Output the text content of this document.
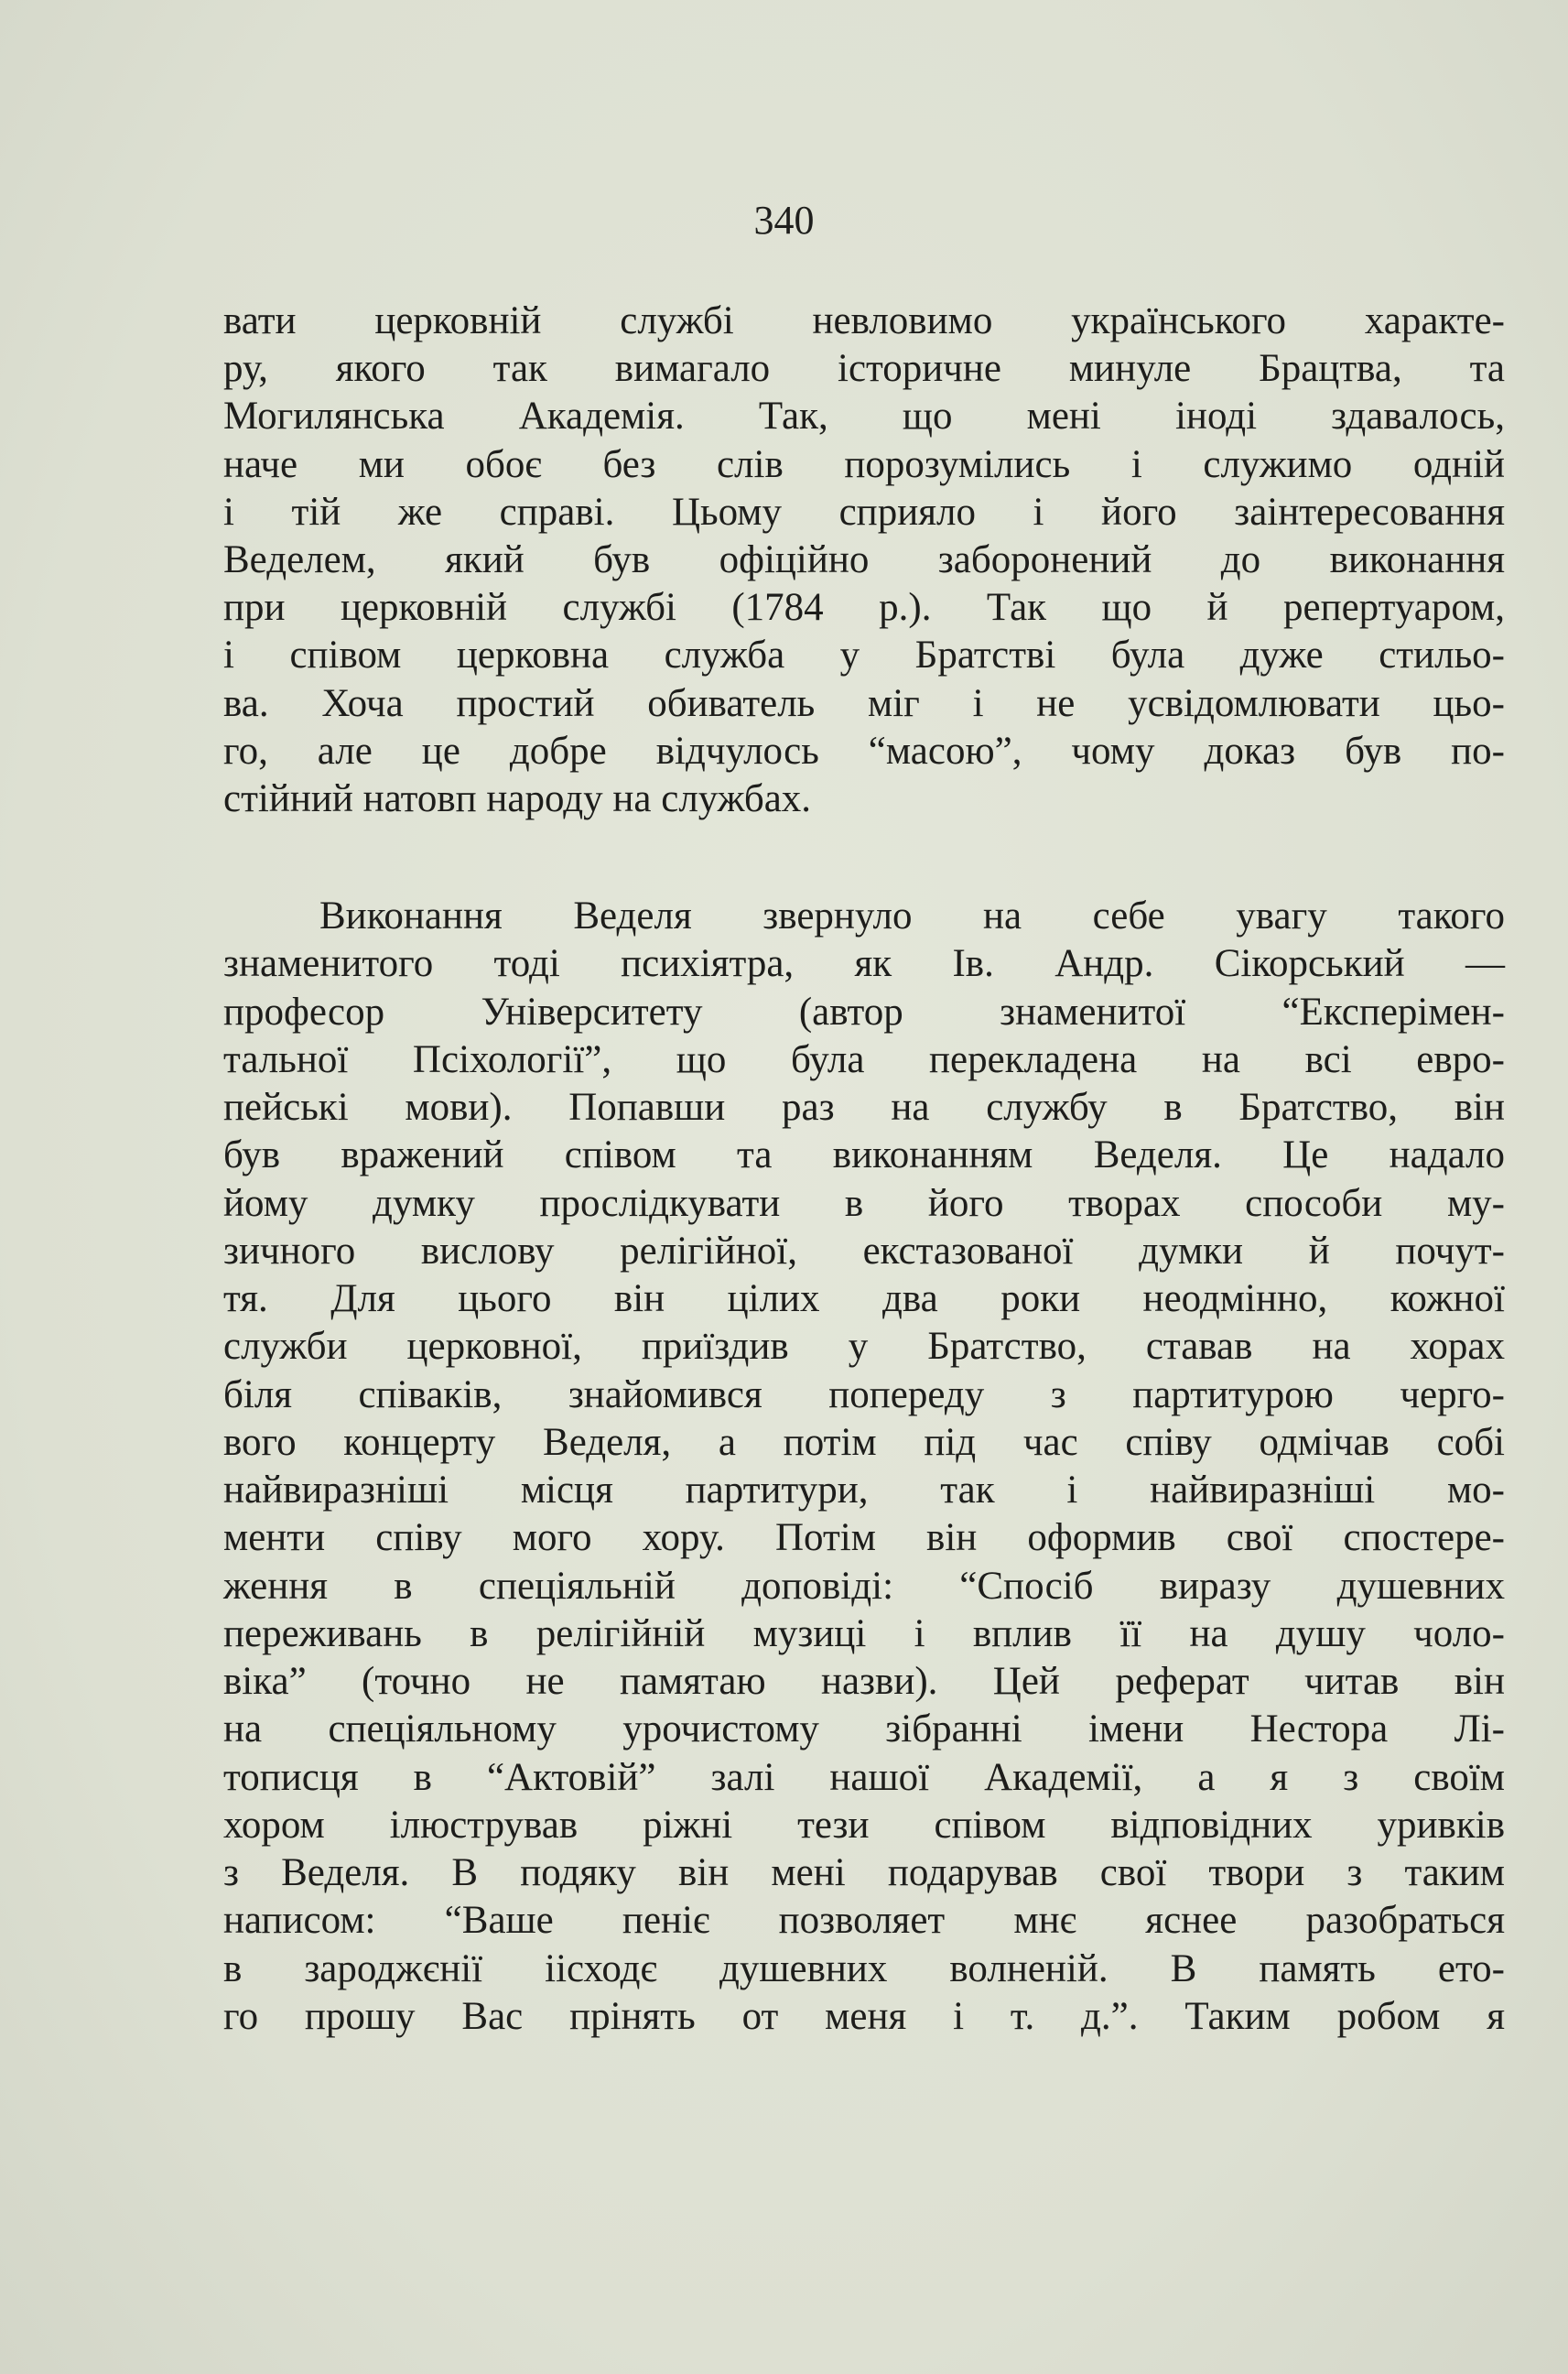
340
вати церковній службі невловимо українського характе-
ру, якого так вимагало історичне минуле Брацтва, та
Могилянська Академія. Так, що мені іноді здавалось,
наче ми обоє без слів порозумілись і служимо одній
і тій же справі. Цьому сприяло і його заінтересовання
Веделем, який був офіційно заборонений до виконання
при церковній службі (1784 р.). Так що й репертуаром,
і співом церковна служба у Братстві була дуже стильо-
ва. Хоча простий обиватель міг і не усвідомлювати цьо-
го, але це добре відчулось “масою”, чому доказ був по-
стійний натовп народу на службах.
Виконання Веделя звернуло на себе увагу такого
знаменитого тоді психіятра, як Ів. Андр. Сікорський —
професор Університету (автор знаменитої “Експерімен-
тальної Псіхології”, що була перекладена на всі евро-
пейські мови). Попавши раз на службу в Братство, він
був вражений співом та виконанням Веделя. Це надало
йому думку прослідкувати в його творах способи му-
зичного вислову релігійної, екстазованої думки й почут-
тя. Для цього він цілих два роки неодмінно, кожної
служби церковної, приїздив у Братство, ставав на хорах
біля співаків, знайомився попереду з партитурою черго-
вого концерту Веделя, а потім під час співу одмічав собі
найвиразніші місця партитури, так і найвиразніші мо-
менти співу мого хору. Потім він оформив свої спостере-
ження в спеціяльній доповіді: “Спосіб виразу душевних
переживань в релігійній музиці і вплив її на душу чоло-
віка” (точно не памятаю назви). Цей реферат читав він
на спеціяльному урочистому зібранні імени Нестора Лі-
тописця в “Актовій” залі нашої Академії, а я з своїм
хором ілюстрував ріжні тези співом відповідних уривків
з Веделя. В подяку він мені подарував свої твори з таким
написом: “Ваше пеніє позволяет мнє яснее разобраться
в зароджєнії іісходє душевних волненій. В память ето-
го прошу Вас прінять от меня і т. д.”. Таким робом я
